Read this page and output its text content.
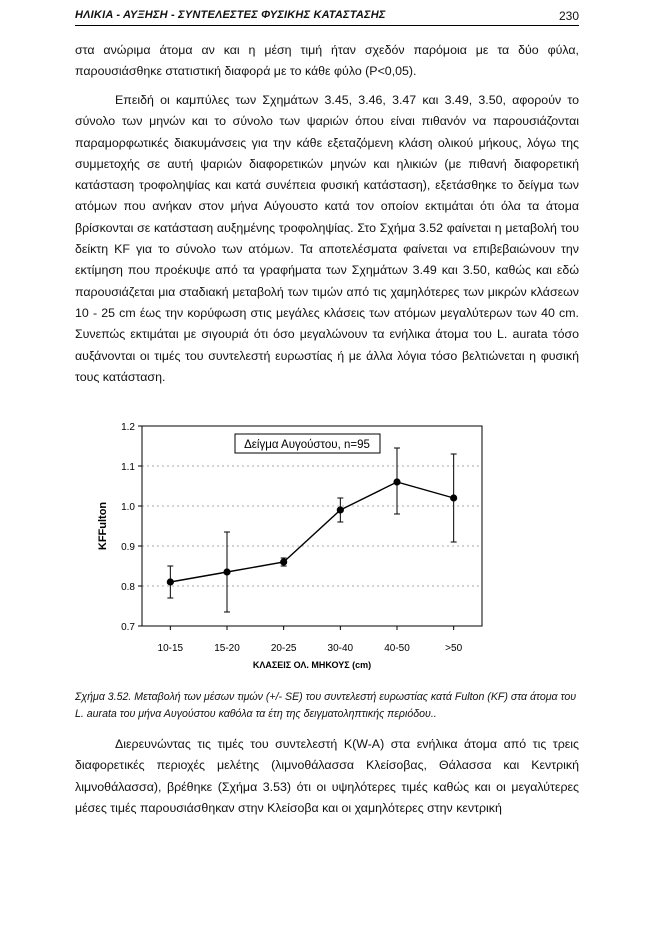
ΗΛΙΚΙΑ - ΑΥΞΗΣΗ - ΣΥΝΤΕΛΕΣΤΕΣ ΦΥΣΙΚΗΣ ΚΑΤΑΣΤΑΣΗΣ	230

στα ανώριμα άτομα αν και η μέση τιμή ήταν σχεδόν παρόμοια με τα δύο φύλα, παρουσιάσθηκε στατιστική διαφορά με το κάθε φύλο (P<0,05).

Επειδή οι καμπύλες των Σχημάτων 3.45, 3.46, 3.47 και 3.49, 3.50, αφορούν το σύνολο των μηνών και το σύνολο των ψαριών όπου είναι πιθανόν να παρουσιάζονται παραμορφωτικές διακυμάνσεις για την κάθε εξεταζόμενη κλάση ολικού μήκους, λόγω της συμμετοχής σε αυτή ψαριών διαφορετικών μηνών και ηλικιών (με πιθανή διαφορετική κατάσταση τροφοληψίας και κατά συνέπεια φυσική κατάσταση), εξετάσθηκε το δείγμα των ατόμων που ανήκαν στον μήνα Αύγουστο κατά τον οποίον εκτιμάται ότι όλα τα άτομα βρίσκονται σε κατάσταση αυξημένης τροφοληψίας. Στο Σχήμα 3.52 φαίνεται η μεταβολή του δείκτη KF για το σύνολο των ατόμων. Τα αποτελέσματα φαίνεται να επιβεβαιώνουν την εκτίμηση που προέκυψε από τα γραφήματα των Σχημάτων 3.49 και 3.50, καθώς και εδώ παρουσιάζεται μια σταδιακή μεταβολή των τιμών από τις χαμηλότερες των μικρών κλάσεων 10 - 25 cm έως την κορύφωση στις μεγάλες κλάσεις των ατόμων μεγαλύτερων των 40 cm. Συνεπώς εκτιμάται με σιγουριά ότι όσο μεγαλώνουν τα ενήλικα άτομα του L. aurata τόσο αυξάνονται οι τιμές του συντελεστή ευρωστίας ή με άλλα λόγια τόσο βελτιώνεται η φυσική τους κατάσταση.

0.7
0.8
0.9
1.0
1.1
1.2
10-15	15-20	20-25	30-40	40-50	>50
Δείγμα Αυγούστου, n=95
KFFulton
ΚΛΑΣΕΙΣ ΟΛ. ΜΗΚΟΥΣ (cm)

Σχήμα 3.52. Μεταβολή των μέσων τιμών (+/- SE) του συντελεστή ευρωστίας κατά Fulton (KF) στα άτομα του L. aurata του μήνα Αυγούστου καθόλα τα έτη της δειγματοληπτικής περιόδου..

Διερευνώντας τις τιμές του συντελεστή K(W-A) στα ενήλικα άτομα από τις τρεις διαφορετικές περιοχές μελέτης (λιμνοθάλασσα Κλείσοβας, Θάλασσα και Κεντρική λιμνοθάλασσα), βρέθηκε (Σχήμα 3.53) ότι οι υψηλότερες τιμές καθώς και οι μεγαλύτερες μέσες τιμές παρουσιάσθηκαν στην Κλείσοβα και οι χαμηλότερες στην κεντρική
